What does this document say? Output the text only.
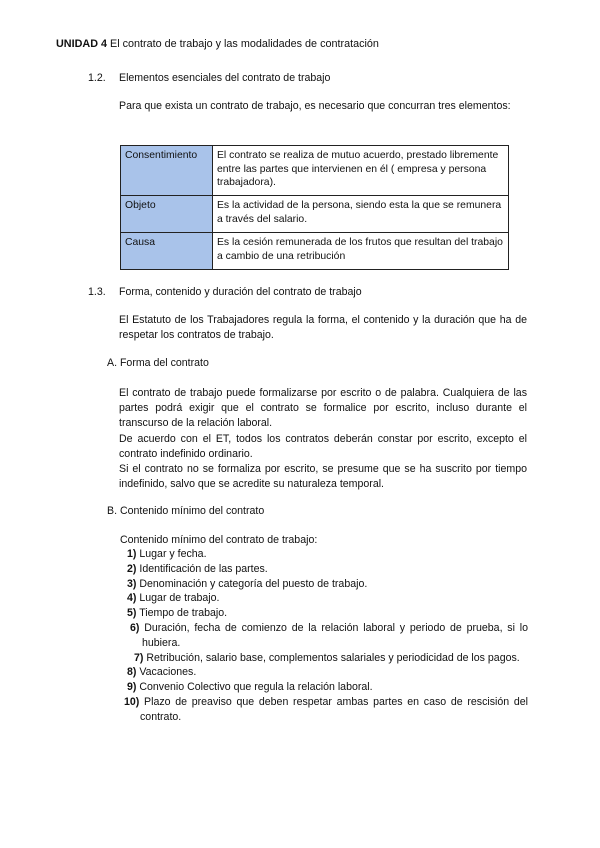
UNIDAD 4 El contrato de trabajo y las modalidades de contratación
1.2. Elementos esenciales del contrato de trabajo
Para que exista un contrato de trabajo, es necesario que concurran tres elementos:
Consentimiento	El contrato se realiza de mutuo acuerdo, prestado libremente entre las partes que intervienen en él ( empresa y persona trabajadora).
Objeto	Es la actividad de la persona, siendo esta la que se remunera a través del salario.
Causa	Es la cesión remunerada de los frutos que resultan del trabajo a cambio de una retribución
1.3. Forma, contenido y duración del contrato de trabajo
El Estatuto de los Trabajadores regula la forma, el contenido y la duración que ha de respetar los contratos de trabajo.
A. Forma del contrato
El contrato de trabajo puede formalizarse por escrito o de palabra. Cualquiera de las partes podrá exigir que el contrato se formalice por escrito, incluso durante el transcurso de la relación laboral.
De acuerdo con el ET, todos los contratos deberán constar por escrito, excepto el contrato indefinido ordinario.
Si el contrato no se formaliza por escrito, se presume que se ha suscrito por tiempo indefinido, salvo que se acredite su naturaleza temporal.
B. Contenido mínimo del contrato
Contenido mínimo del contrato de trabajo:
1) Lugar y fecha.
2) Identificación de las partes.
3) Denominación y categoría del puesto de trabajo.
4) Lugar de trabajo.
5) Tiempo de trabajo.
6) Duración, fecha de comienzo de la relación laboral y periodo de prueba, si lo hubiera.
7) Retribución, salario base, complementos salariales y periodicidad de los pagos.
8) Vacaciones.
9) Convenio Colectivo que regula la relación laboral.
10) Plazo de preaviso que deben respetar ambas partes en caso de rescisión del contrato.
